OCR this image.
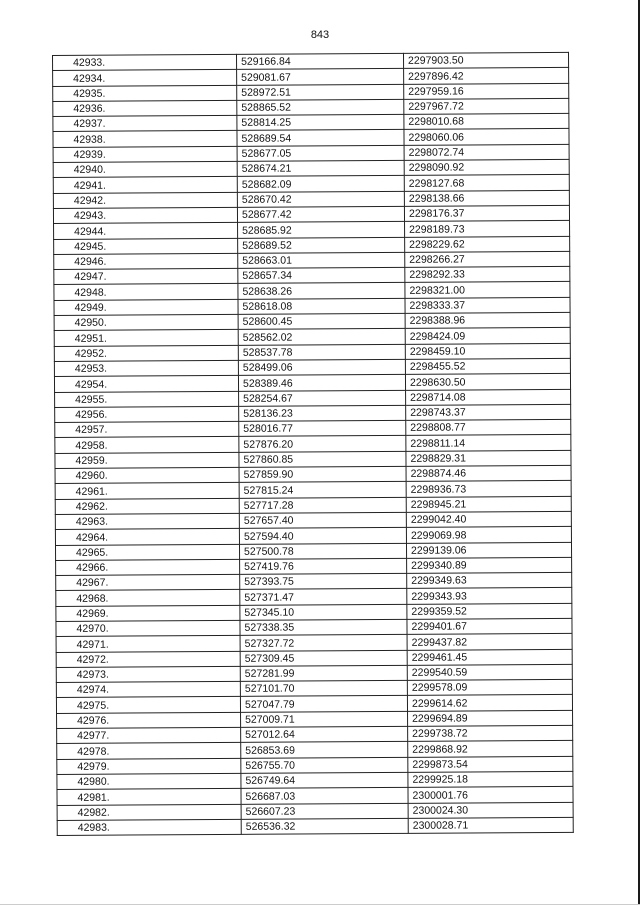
843
42933.	529166.84	2297903.50
42934.	529081.67	2297896.42
42935.	528972.51	2297959.16
42936.	528865.52	2297967.72
42937.	528814.25	2298010.68
42938.	528689.54	2298060.06
42939.	528677.05	2298072.74
42940.	528674.21	2298090.92
42941.	528682.09	2298127.68
42942.	528670.42	2298138.66
42943.	528677.42	2298176.37
42944.	528685.92	2298189.73
42945.	528689.52	2298229.62
42946.	528663.01	2298266.27
42947.	528657.34	2298292.33
42948.	528638.26	2298321.00
42949.	528618.08	2298333.37
42950.	528600.45	2298388.96
42951.	528562.02	2298424.09
42952.	528537.78	2298459.10
42953.	528499.06	2298455.52
42954.	528389.46	2298630.50
42955.	528254.67	2298714.08
42956.	528136.23	2298743.37
42957.	528016.77	2298808.77
42958.	527876.20	2298811.14
42959.	527860.85	2298829.31
42960.	527859.90	2298874.46
42961.	527815.24	2298936.73
42962.	527717.28	2298945.21
42963.	527657.40	2299042.40
42964.	527594.40	2299069.98
42965.	527500.78	2299139.06
42966.	527419.76	2299340.89
42967.	527393.75	2299349.63
42968.	527371.47	2299343.93
42969.	527345.10	2299359.52
42970.	527338.35	2299401.67
42971.	527327.72	2299437.82
42972.	527309.45	2299461.45
42973.	527281.99	2299540.59
42974.	527101.70	2299578.09
42975.	527047.79	2299614.62
42976.	527009.71	2299694.89
42977.	527012.64	2299738.72
42978.	526853.69	2299868.92
42979.	526755.70	2299873.54
42980.	526749.64	2299925.18
42981.	526687.03	2300001.76
42982.	526607.23	2300024.30
42983.	526536.32	2300028.71
